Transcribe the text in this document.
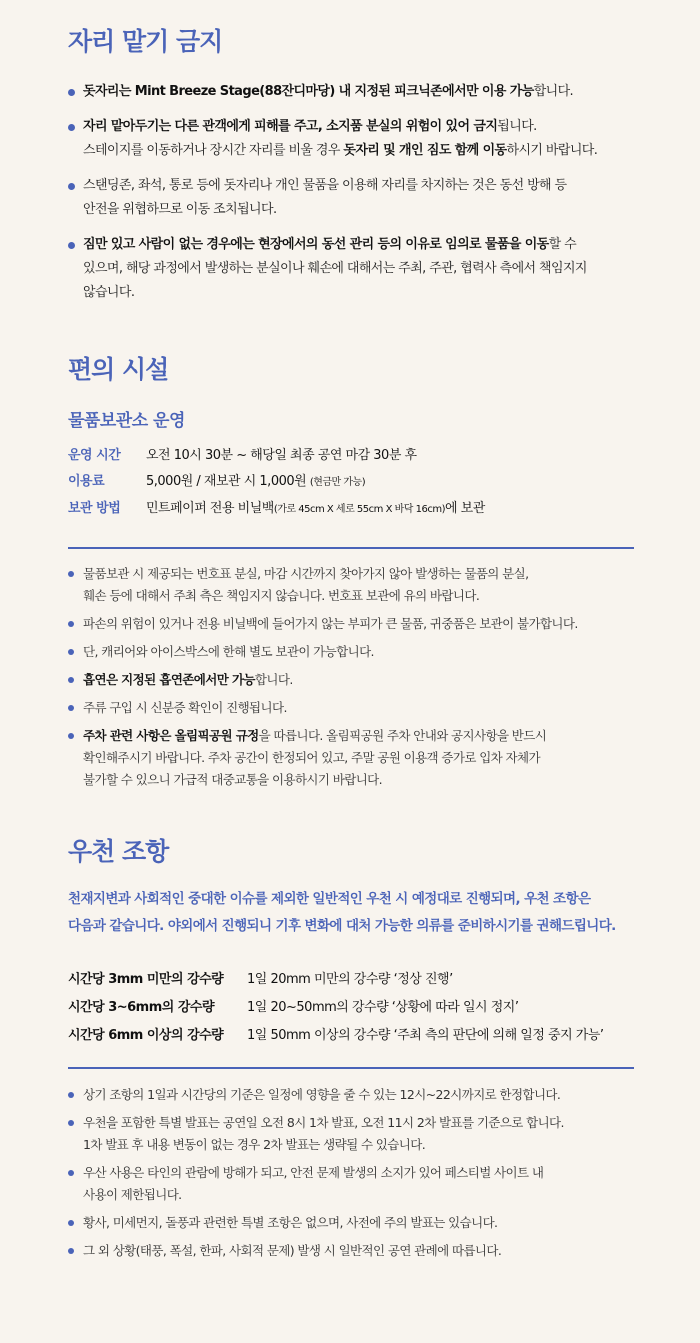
자리 맡기 금지
돗자리는 Mint Breeze Stage(88잔디마당) 내 지정된 피크닉존에서만 이용 가능합니다.
자리 맡아두기는 다른 관객에게 피해를 주고, 소지품 분실의 위험이 있어 금지됩니다.
스테이지를 이동하거나 장시간 자리를 비울 경우 돗자리 및 개인 짐도 함께 이동하시기 바랍니다.
스탠딩존, 좌석, 통로 등에 돗자리나 개인 물품을 이용해 자리를 차지하는 것은 동선 방해 등
안전을 위협하므로 이동 조치됩니다.
짐만 있고 사람이 없는 경우에는 현장에서의 동선 관리 등의 이유로 임의로 물품을 이동할 수
있으며, 해당 과정에서 발생하는 분실이나 훼손에 대해서는 주최, 주관, 협력사 측에서 책임지지
않습니다.
편의 시설
물품보관소 운영
운영 시간	오전 10시 30분 ~ 해당일 최종 공연 마감 30분 후
이용료	5,000원 / 재보관 시 1,000원 (현금만 가능)
보관 방법	민트페이퍼 전용 비닐백(가로 45cm X 세로 55cm X 바닥 16cm)에 보관
물품보관 시 제공되는 번호표 분실, 마감 시간까지 찾아가지 않아 발생하는 물품의 분실,
훼손 등에 대해서 주최 측은 책임지지 않습니다. 번호표 보관에 유의 바랍니다.
파손의 위험이 있거나 전용 비닐백에 들어가지 않는 부피가 큰 물품, 귀중품은 보관이 불가합니다.
단, 캐리어와 아이스박스에 한해 별도 보관이 가능합니다.
흡연은 지정된 흡연존에서만 가능합니다.
주류 구입 시 신분증 확인이 진행됩니다.
주차 관련 사항은 올림픽공원 규정을 따릅니다. 올림픽공원 주차 안내와 공지사항을 반드시
확인해주시기 바랍니다. 주차 공간이 한정되어 있고, 주말 공원 이용객 증가로 입차 자체가
불가할 수 있으니 가급적 대중교통을 이용하시기 바랍니다.
우천 조항

천재지변과 사회적인 중대한 이슈를 제외한 일반적인 우천 시 예정대로 진행되며, 우천 조항은

다음과 같습니다. 야외에서 진행되니 기후 변화에 대처 가능한 의류를 준비하시기를 권해드립니다.

시간당 3mm 미만의 강수량	1일 20mm 미만의 강수량 ‘정상 진행’
시간당 3~6mm의 강수량	1일 20~50mm의 강수량 ‘상황에 따라 일시 정지’
시간당 6mm 이상의 강수량	1일 50mm 이상의 강수량 ‘주최 측의 판단에 의해 일정 중지 가능’
상기 조항의 1일과 시간당의 기준은 일정에 영향을 줄 수 있는 12시~22시까지로 한정합니다.
우천을 포함한 특별 발표는 공연일 오전 8시 1차 발표, 오전 11시 2차 발표를 기준으로 합니다.
1차 발표 후 내용 변동이 없는 경우 2차 발표는 생략될 수 있습니다.
우산 사용은 타인의 관람에 방해가 되고, 안전 문제 발생의 소지가 있어 페스티벌 사이트 내
사용이 제한됩니다.
황사, 미세먼지, 돌풍과 관련한 특별 조항은 없으며, 사전에 주의 발표는 있습니다.
그 외 상황(태풍, 폭설, 한파, 사회적 문제) 발생 시 일반적인 공연 관례에 따릅니다.
